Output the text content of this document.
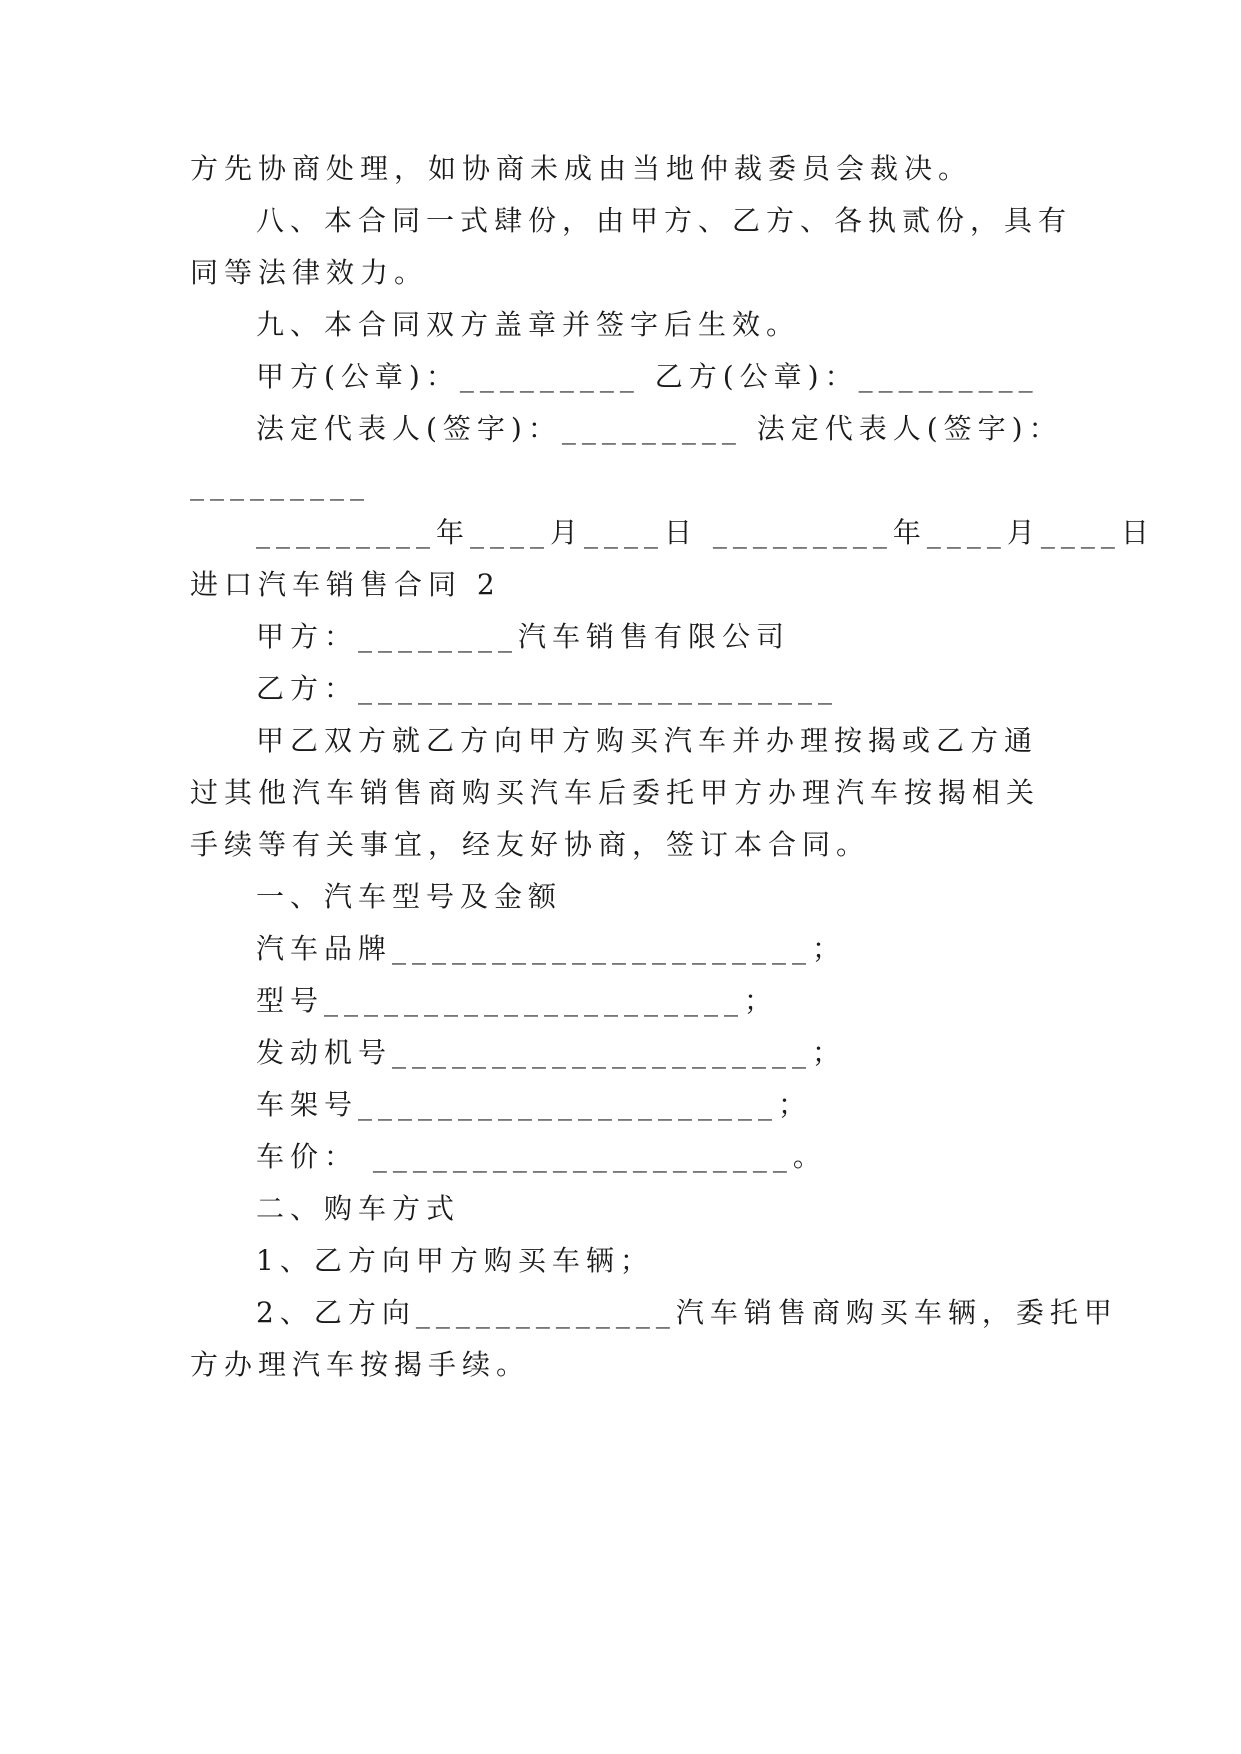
方先协商处理，如协商未成由当地仲裁委员会裁决。
八、本合同一式肆份，由甲方、乙方、各执贰份，具有
同等法律效力。
九、本合同双方盖章并签字后生效。
甲方(公章)：_________ 乙方(公章)：_________
法定代表人(签字)：_________ 法定代表人(签字)：
_________
_________年____月____日 _________年____月____日
进口汽车销售合同 2
甲方：________汽车销售有限公司
乙方：________________________
甲乙双方就乙方向甲方购买汽车并办理按揭或乙方通
过其他汽车销售商购买汽车后委托甲方办理汽车按揭相关
手续等有关事宜，经友好协商，签订本合同。
一、汽车型号及金额
汽车品牌_____________________；
型号_____________________；
发动机号_____________________；
车架号_____________________；
车价： _____________________。
二、购车方式
1、乙方向甲方购买车辆；
2、乙方向_____________汽车销售商购买车辆，委托甲
方办理汽车按揭手续。
